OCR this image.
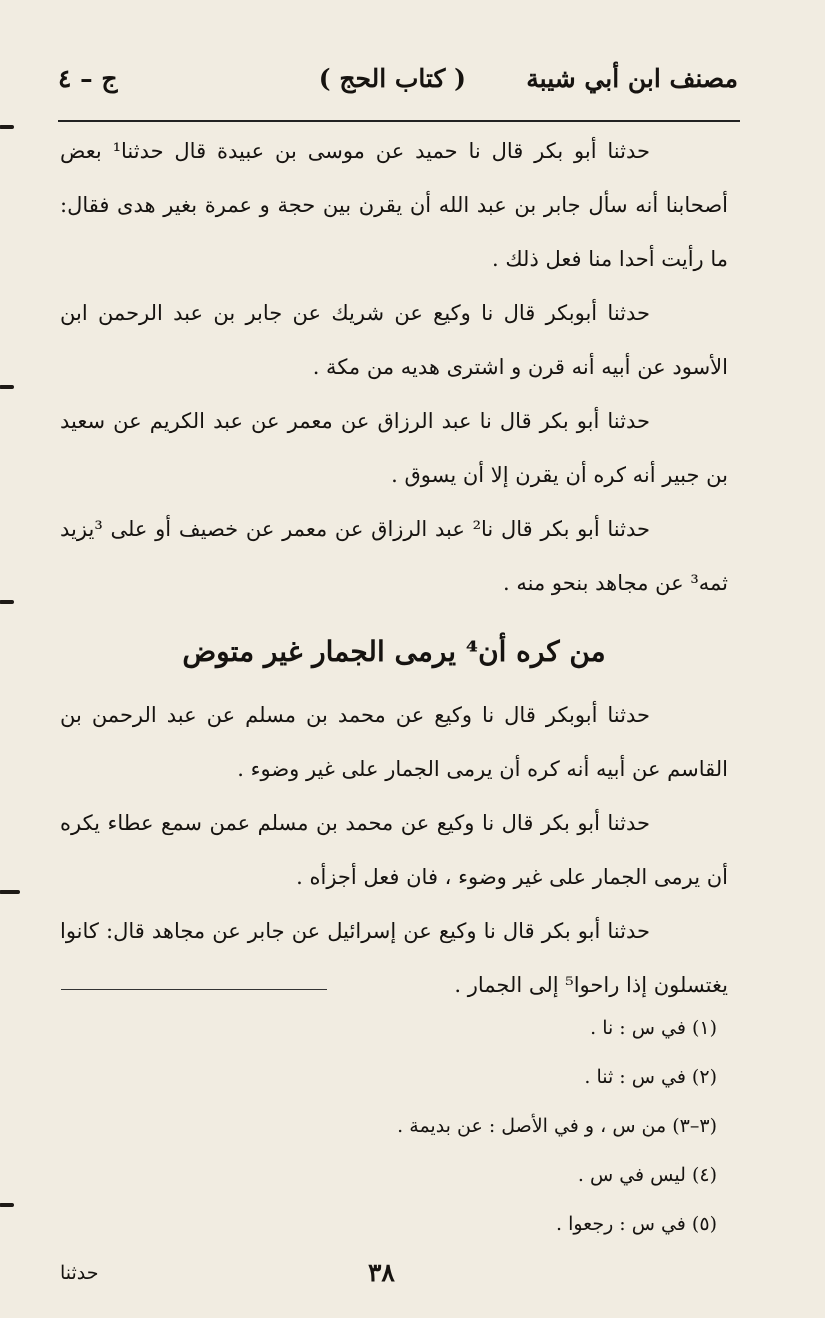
مصنف ابن أبي شيبة
( كتاب الحج )
ج – ٤

حدثنا أبو بكر قال نا حميد عن موسى بن عبيدة قال حدثنا¹ بعض أصحابنا أنه سأل جابر بن عبد الله أن يقرن بين حجة و عمرة بغير هدى فقال: ما رأيت أحدا منا فعل ذلك .

حدثنا أبوبكر قال نا وكيع عن شريك عن جابر بن عبد الرحمن ابن الأسود عن أبيه أنه قرن و اشترى هديه من مكة .

حدثنا أبو بكر قال نا عبد الرزاق عن معمر عن عبد الكريم عن سعيد بن جبير أنه كره أن يقرن إلا أن يسوق .

حدثنا أبو بكر قال نا² عبد الرزاق عن معمر عن خصيف أو على ³يزيد ثمه³ عن مجاهد بنحو منه .

من كره أن⁴ يرمى الجمار غير متوض

حدثنا أبوبكر قال نا وكيع عن محمد بن مسلم عن عبد الرحمن بن القاسم عن أبيه أنه كره أن يرمى الجمار على غير وضوء .

حدثنا أبو بكر قال نا وكيع عن محمد بن مسلم عمن سمع عطاء يكره أن يرمى الجمار على غير وضوء ، فان فعل أجزأه .

حدثنا أبو بكر قال نا وكيع عن إسرائيل عن جابر عن مجاهد قال: كانوا يغتسلون إذا راحوا⁵ إلى الجمار .

(١) في س : نا .
(٢) في س : ثنا .
(٣–٣) من س ، و في الأصل : عن بديمة .
(٤) ليس في س .
(٥) في س : رجعوا .
٣٨
حدثنا
